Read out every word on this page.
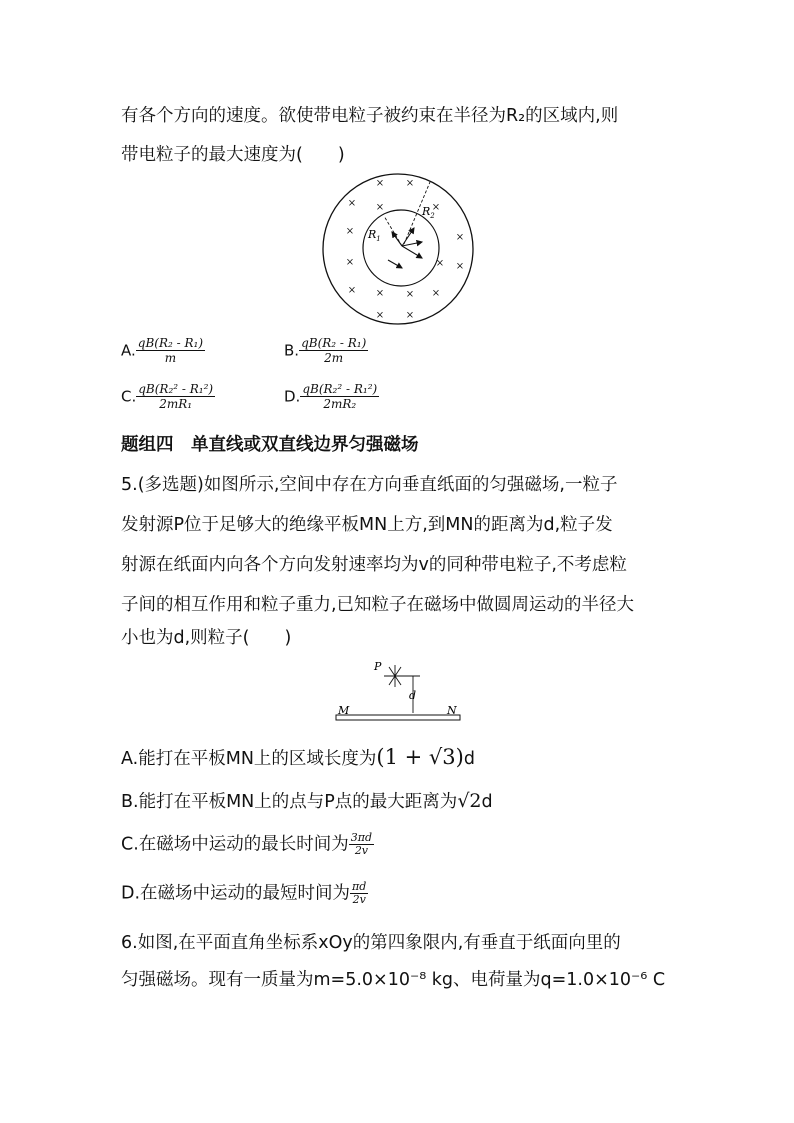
有各个方向的速度。欲使带电粒子被约束在半径为R₂的区域内,则
带电粒子的最大速度为(　　)
× ×
× ×	×
×
×
×	× ×
× × × ×
× ×
$R_2$
$R_1$
A. $\frac{\text{qB(R₂ - R₁)}}{m}$	B. $\frac{\text{qB(R₂ - R₁)}}{2m}$
C. $\frac{\text{qB(R₂² - R₁²)}}{\text{2mR₁}}$	D. $\frac{\text{qB(R₂² - R₁²)}}{\text{2mR₂}}$
题组四　单直线或双直线边界匀强磁场
5.(多选题)如图所示,空间中存在方向垂直纸面的匀强磁场,一粒子
发射源P位于足够大的绝缘平板MN上方,到MN的距离为d,粒子发
射源在纸面内向各个方向发射速率均为v的同种带电粒子,不考虑粒
子间的相互作用和粒子重力,已知粒子在磁场中做圆周运动的半径大
小也为d,则粒子(　　)
P
d
M	N
A.能打在平板MN上的区域长度为(1 + √3)d
B.能打在平板MN上的点与P点的最大距离为√2d
C.在磁场中运动的最长时间为 $\frac{3\pi d}{2v}$
D.在磁场中运动的最短时间为 $\frac{\pi d}{2v}$
6.如图,在平面直角坐标系xOy的第四象限内,有垂直于纸面向里的
匀强磁场。现有一质量为m=5.0×10⁻⁸ kg、电荷量为q=1.0×10⁻⁶ C
